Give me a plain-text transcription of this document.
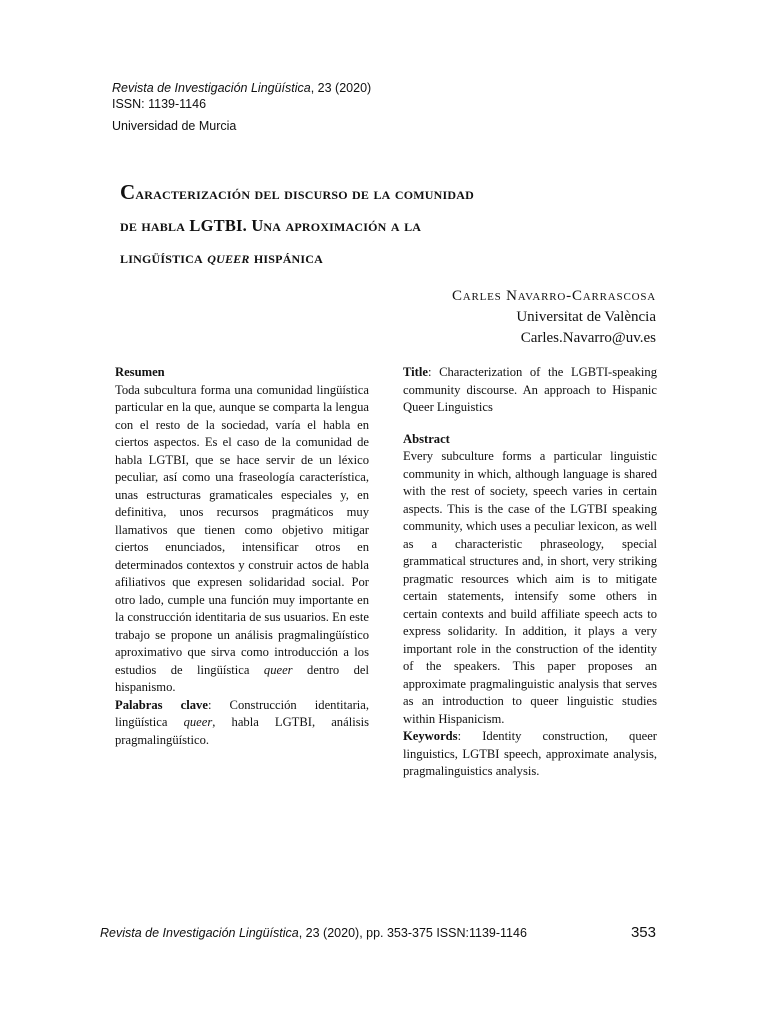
Revista de Investigación Lingüística, 23 (2020)
ISSN: 1139-1146
Universidad de Murcia
Caracterización del discurso de la comunidad
de habla LGTBI. Una aproximación a la
lingüística queer hispánica
Carles Navarro-Carrascosa
Universitat de València
Carles.Navarro@uv.es

Resumen

Toda subcultura forma una comunidad lingüística particular en la que, aunque se comparta la lengua con el resto de la sociedad, varía el habla en ciertos aspectos. Es el caso de la comunidad de habla LGTBI, que se hace servir de un léxico peculiar, así como una fraseología característica, unas estructuras gramaticales especiales y, en definitiva, unos recursos pragmáticos muy llamativos que tienen como objetivo mitigar ciertos enunciados, intensificar otros en determinados contextos y construir actos de habla afiliativos que expresen solidaridad social. Por otro lado, cumple una función muy importante en la construcción identitaria de sus usuarios. En este trabajo se propone un análisis pragmalingüístico aproximativo que sirva como introducción a los estudios de lingüística queer dentro del hispanismo.

Palabras clave: Construcción identitaria, lingüística queer, habla LGTBI, análisis pragmalingüístico.

Title: Characterization of the LGBTI-speaking community discourse. An approach to Hispanic Queer Linguistics

Abstract

Every subculture forms a particular linguistic community in which, although language is shared with the rest of society, speech varies in certain aspects. This is the case of the LGTBI speaking community, which uses a peculiar lexicon, as well as a characteristic phraseology, special grammatical structures and, in short, very striking pragmatic resources which aim is to mitigate certain statements, intensify some others in certain contexts and build affiliate speech acts to express solidarity. In addition, it plays a very important role in the construction of the identity of the speakers. This paper proposes an approximate pragmalinguistic analysis that serves as an introduction to queer linguistic studies within Hispanicism.

Keywords: Identity construction, queer linguistics, LGTBI speech, approximate analysis, pragmalinguistics analysis.

Revista de Investigación Lingüística, 23 (2020), pp. 353-375 ISSN:1139-1146	353
